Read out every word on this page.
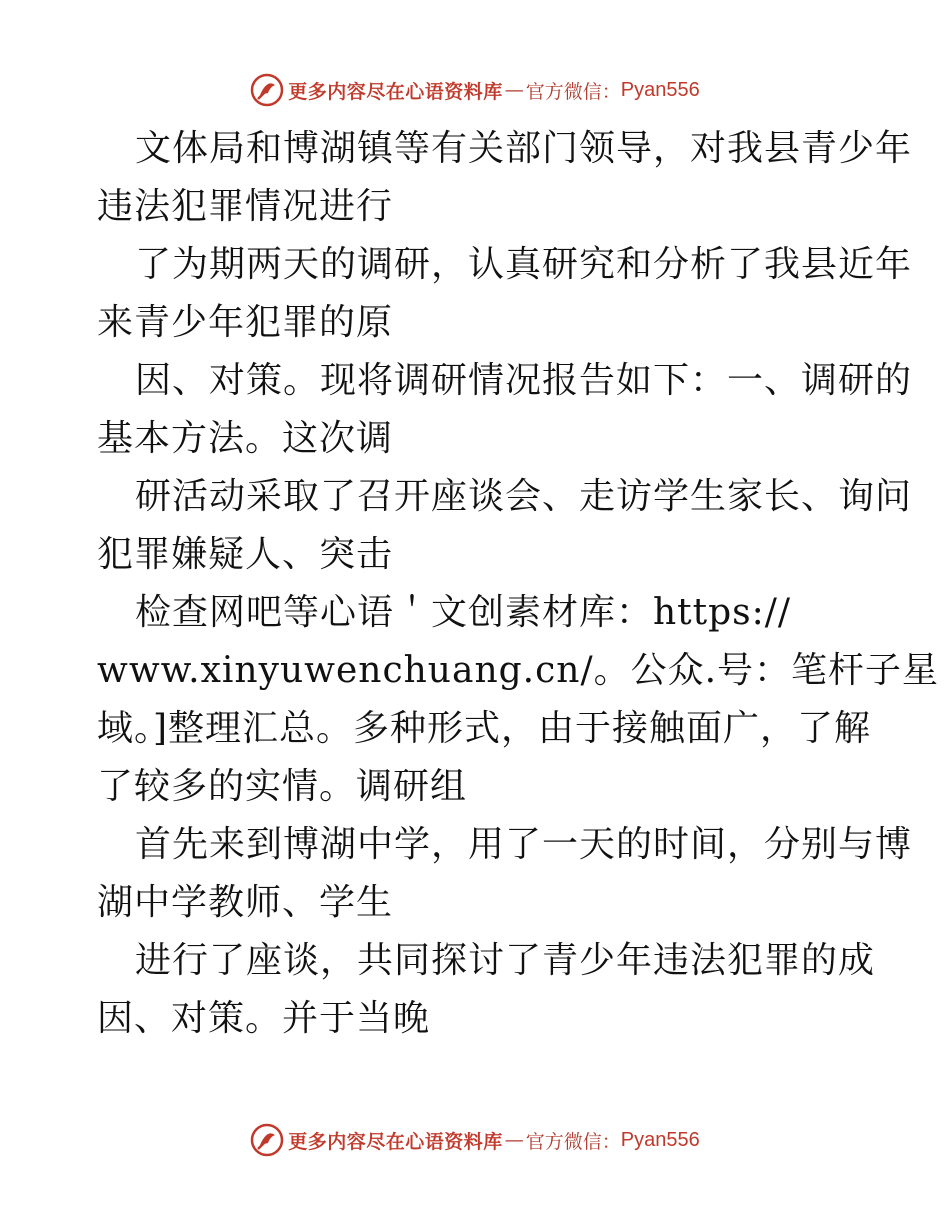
更多内容尽在心语资料库 — 官方微信： Pyan556
文体局和博湖镇等有关部门领导，对我县青少年
违法犯罪情况进行
了为期两天的调研，认真研究和分析了我县近年
来青少年犯罪的原
因、对策。现将调研情况报告如下：一、调研的
基本方法。这次调
研活动采取了召开座谈会、走访学生家长、询问
犯罪嫌疑人、突击
检查网吧等心语＇文创素材库：https://
www.xinyuwenchuang.cn/。公众.号：笔杆子星
域。]整理汇总。多种形式，由于接触面广，了解
了较多的实情。调研组
首先来到博湖中学，用了一天的时间，分别与博
湖中学教师、学生
进行了座谈，共同探讨了青少年违法犯罪的成
因、对策。并于当晚
更多内容尽在心语资料库 — 官方微信： Pyan556
